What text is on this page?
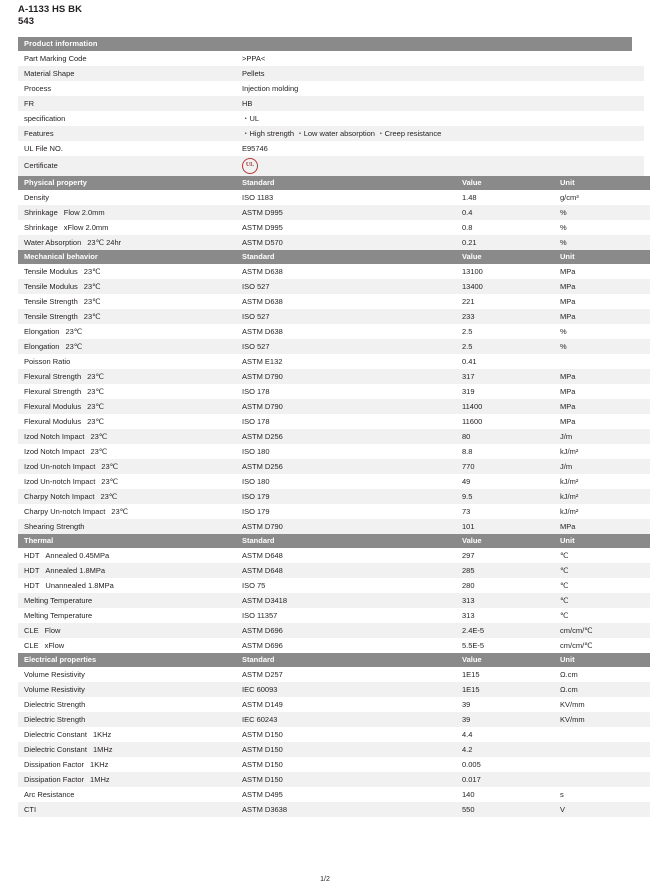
A-1133 HS BK
543
Product information
Part Marking Code	>PPA<
Material Shape	Pellets
Process	Injection molding
FR	HB
specification	・UL
Features	・High strength ・Low water absorption ・Creep resistance
UL File NO.	E95746
Certificate	UL
Physical property	Standard	Value	Unit
Density	ISO 1183	1.48	g/cm³
Shrinkage Flow 2.0mm	ASTM D995	0.4	%
Shrinkage xFlow 2.0mm	ASTM D995	0.8	%
Water Absorption 23℃ 24hr	ASTM D570	0.21	%
Mechanical behavior	Standard	Value	Unit
Tensile Modulus 23℃	ASTM D638	13100	MPa
Tensile Modulus 23℃	ISO 527	13400	MPa
Tensile Strength 23℃	ASTM D638	221	MPa
Tensile Strength 23℃	ISO 527	233	MPa
Elongation 23℃	ASTM D638	2.5	%
Elongation 23℃	ISO 527	2.5	%
Poisson Ratio	ASTM E132	0.41	
Flexural Strength 23℃	ASTM D790	317	MPa
Flexural Strength 23℃	ISO 178	319	MPa
Flexural Modulus 23℃	ASTM D790	11400	MPa
Flexural Modulus 23℃	ISO 178	11600	MPa
Izod Notch Impact 23℃	ASTM D256	80	J/m
Izod Notch Impact 23℃	ISO 180	8.8	kJ/m²
Izod Un-notch Impact 23℃	ASTM D256	770	J/m
Izod Un-notch Impact 23℃	ISO 180	49	kJ/m²
Charpy Notch Impact 23℃	ISO 179	9.5	kJ/m²
Charpy Un-notch Impact 23℃	ISO 179	73	kJ/m²
Shearing Strength	ASTM D790	101	MPa
Thermal	Standard	Value	Unit
HDT Annealed 0.45MPa	ASTM D648	297	℃
HDT Annealed 1.8MPa	ASTM D648	285	℃
HDT Unannealed 1.8MPa	ISO 75	280	℃
Melting Temperature	ASTM D3418	313	℃
Melting Temperature	ISO 11357	313	℃
CLE Flow	ASTM D696	2.4E-5	cm/cm/℃
CLE xFlow	ASTM D696	5.5E-5	cm/cm/℃
Electrical properties	Standard	Value	Unit
Volume Resistivity	ASTM D257	1E15	Ω.cm
Volume Resistivity	IEC 60093	1E15	Ω.cm
Dielectric Strength	ASTM D149	39	KV/mm
Dielectric Strength	IEC 60243	39	KV/mm
Dielectric Constant 1KHz	ASTM D150	4.4	
Dielectric Constant 1MHz	ASTM D150	4.2	
Dissipation Factor 1KHz	ASTM D150	0.005	
Dissipation Factor 1MHz	ASTM D150	0.017	
Arc Resistance	ASTM D495	140	s
CTI	ASTM D3638	550	V
1/2
